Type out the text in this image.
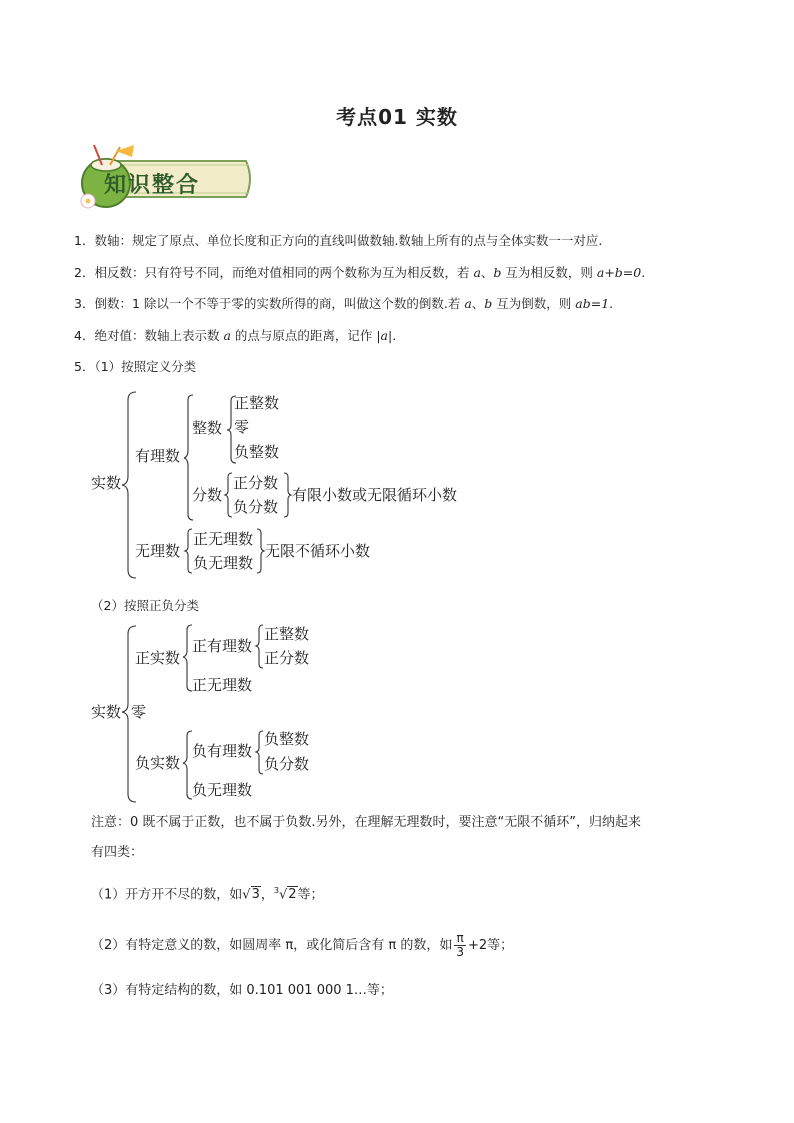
考点01 实数
知识整合
1．数轴：规定了原点、单位长度和正方向的直线叫做数轴.数轴上所有的点与全体实数一一对应.
2．相反数：只有符号不同，而绝对值相同的两个数称为互为相反数，若 a、b 互为相反数，则 a+b=0.
3．倒数：1 除以一个不等于零的实数所得的商，叫做这个数的倒数.若 a、b 互为倒数，则 ab=1.
4．绝对值：数轴上表示数 a 的点与原点的距离，记作 |a|.
5．（1）按照定义分类
实数
有理数
整数
正整数
零
负整数
分数
正分数
负分数
有限小数或无限循环小数
无理数
正无理数
负无理数
无限不循环小数
（2）按照正负分类
实数
正实数
正有理数
正整数
正分数
正无理数
零
负实数
负有理数
负整数
负分数
负无理数
注意：0 既不属于正数，也不属于负数.另外，在理解无理数时，要注意“无限不循环”，归纳起来
有四类：
（1）开方开不尽的数，如√3，$^3$√2等；
（2）有特定意义的数，如圆周率 π，或化简后含有 π 的数，如 $\frac{\pi}{3} +2$等；
（3）有特定结构的数，如 0.101 001 000 1…等；
